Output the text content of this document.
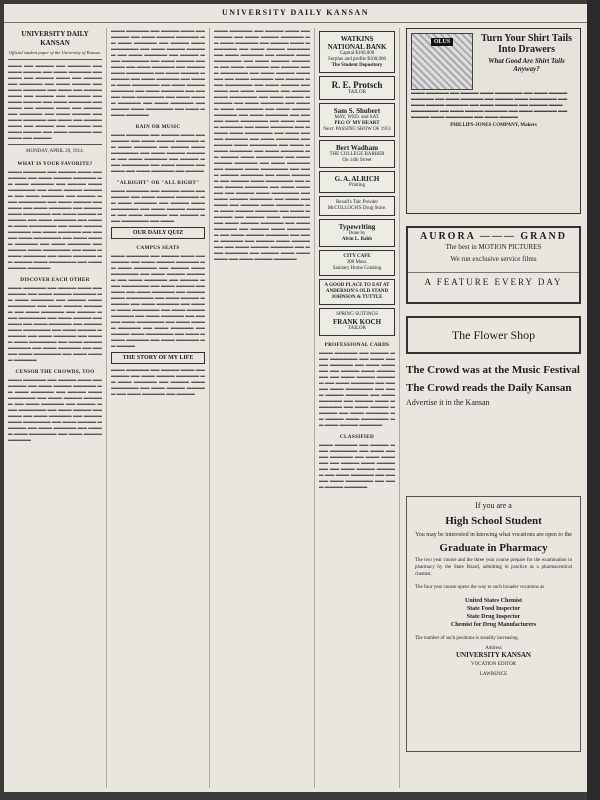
UNIVERSITY DAILY KANSAN
UNIVERSITY DAILY KANSAN
Official student paper of the University of Kansas.
▬▬▬ ▬▬ ▬▬▬▬ ▬▬ ▬▬▬▬▬ ▬▬ ▬▬▬ ▬▬▬▬ ▬▬ ▬▬▬ ▬▬▬▬▬ ▬▬ ▬▬▬ ▬▬ ▬▬▬▬ ▬▬▬ ▬▬ ▬▬▬▬ ▬▬ ▬▬▬▬▬ ▬▬ ▬▬▬ ▬▬▬▬ ▬▬ ▬▬▬ ▬▬▬▬▬ ▬▬ ▬▬▬ ▬▬ ▬▬▬▬ ▬▬▬ ▬▬ ▬▬▬▬ ▬▬ ▬▬▬▬▬ ▬▬ ▬▬▬ ▬▬▬▬ ▬▬ ▬▬▬ ▬▬▬▬▬ ▬▬ ▬▬▬ ▬▬ ▬▬▬▬ ▬▬▬ ▬▬ ▬▬▬▬ ▬▬ ▬▬▬▬▬ ▬▬ ▬▬▬ ▬▬▬▬ ▬▬ ▬▬▬ ▬▬▬▬▬ ▬▬ ▬▬▬ ▬▬ ▬▬▬▬ ▬▬▬ ▬▬ ▬▬▬▬ ▬▬ ▬▬▬▬▬ ▬▬ ▬▬▬ ▬▬▬▬ ▬▬ ▬▬▬ ▬▬▬▬▬ ▬▬ ▬▬▬ ▬▬ ▬▬▬▬
MONDAY, APRIL 20, 1914.
WHAT IS YOUR FAVORITE?
▬▬▬ ▬▬▬▬▬ ▬▬ ▬▬▬▬ ▬▬▬ ▬▬▬▬▬▬ ▬▬ ▬▬▬ ▬▬▬▬ ▬▬▬▬▬ ▬▬ ▬▬▬ ▬▬▬▬▬ ▬▬ ▬▬▬▬ ▬▬▬ ▬▬▬▬▬▬ ▬▬ ▬▬▬ ▬▬▬▬ ▬▬▬▬▬ ▬▬ ▬▬▬ ▬▬▬▬▬ ▬▬ ▬▬▬▬ ▬▬▬ ▬▬▬▬▬▬ ▬▬ ▬▬▬ ▬▬▬▬ ▬▬▬▬▬ ▬▬ ▬▬▬ ▬▬▬▬▬ ▬▬ ▬▬▬▬ ▬▬▬ ▬▬▬▬▬▬ ▬▬ ▬▬▬ ▬▬▬▬ ▬▬▬▬▬ ▬▬ ▬▬▬ ▬▬▬▬▬ ▬▬ ▬▬▬▬ ▬▬▬ ▬▬▬▬▬▬ ▬▬ ▬▬▬ ▬▬▬▬ ▬▬▬▬▬ ▬▬ ▬▬▬ ▬▬▬▬▬ ▬▬ ▬▬▬▬ ▬▬▬ ▬▬▬▬▬▬ ▬▬ ▬▬▬ ▬▬▬▬ ▬▬▬▬▬ ▬▬ ▬▬▬ ▬▬▬▬▬ ▬▬ ▬▬▬▬ ▬▬▬ ▬▬▬▬▬▬ ▬▬ ▬▬▬ ▬▬▬▬ ▬▬▬▬▬ ▬▬ ▬▬▬ ▬▬▬▬▬ ▬▬ ▬▬▬▬ ▬▬▬ ▬▬▬▬▬▬ ▬▬ ▬▬▬ ▬▬▬▬ ▬▬▬▬▬
DISCOVER EACH OTHER
▬▬▬ ▬▬▬▬▬ ▬▬ ▬▬▬▬ ▬▬▬ ▬▬▬▬▬▬ ▬▬ ▬▬▬ ▬▬▬▬ ▬▬▬▬▬ ▬▬ ▬▬▬ ▬▬▬▬▬ ▬▬ ▬▬▬▬ ▬▬▬ ▬▬▬▬▬▬ ▬▬ ▬▬▬ ▬▬▬▬ ▬▬▬▬▬ ▬▬ ▬▬▬ ▬▬▬▬▬ ▬▬ ▬▬▬▬ ▬▬▬ ▬▬▬▬▬▬ ▬▬ ▬▬▬ ▬▬▬▬ ▬▬▬▬▬ ▬▬ ▬▬▬ ▬▬▬▬▬ ▬▬ ▬▬▬▬ ▬▬▬ ▬▬▬▬▬▬ ▬▬ ▬▬▬ ▬▬▬▬ ▬▬▬▬▬ ▬▬ ▬▬▬ ▬▬▬▬▬ ▬▬ ▬▬▬▬ ▬▬▬ ▬▬▬▬▬▬ ▬▬ ▬▬▬ ▬▬▬▬ ▬▬▬▬▬ ▬▬ ▬▬▬ ▬▬▬▬▬ ▬▬ ▬▬▬▬ ▬▬▬ ▬▬▬▬▬▬ ▬▬ ▬▬▬ ▬▬▬▬ ▬▬▬▬▬
CENSOR THE CROWDS, TOO
▬▬▬ ▬▬▬▬▬ ▬▬ ▬▬▬▬ ▬▬▬ ▬▬▬▬▬▬ ▬▬ ▬▬▬ ▬▬▬▬ ▬▬▬▬▬ ▬▬ ▬▬▬ ▬▬▬▬▬ ▬▬ ▬▬▬▬ ▬▬▬ ▬▬▬▬▬▬ ▬▬ ▬▬▬ ▬▬▬▬ ▬▬▬▬▬ ▬▬ ▬▬▬ ▬▬▬▬▬ ▬▬ ▬▬▬▬ ▬▬▬ ▬▬▬▬▬▬ ▬▬ ▬▬▬ ▬▬▬▬ ▬▬▬▬▬ ▬▬ ▬▬▬ ▬▬▬▬▬ ▬▬ ▬▬▬▬ ▬▬▬ ▬▬▬▬▬▬ ▬▬ ▬▬▬ ▬▬▬▬ ▬▬▬▬▬ ▬▬ ▬▬▬ ▬▬▬▬▬ ▬▬ ▬▬▬▬ ▬▬▬ ▬▬▬▬▬▬ ▬▬ ▬▬▬ ▬▬▬▬ ▬▬▬▬▬
▬▬▬ ▬▬▬▬▬ ▬▬ ▬▬▬▬ ▬▬▬ ▬▬▬▬▬▬ ▬▬ ▬▬▬ ▬▬▬▬ ▬▬▬▬▬ ▬▬ ▬▬▬ ▬▬▬▬▬ ▬▬ ▬▬▬▬ ▬▬▬ ▬▬▬▬▬▬ ▬▬ ▬▬▬ ▬▬▬▬ ▬▬▬▬▬ ▬▬ ▬▬▬ ▬▬▬▬▬ ▬▬ ▬▬▬▬ ▬▬▬ ▬▬▬▬▬▬ ▬▬ ▬▬▬ ▬▬▬▬ ▬▬▬▬▬ ▬▬ ▬▬▬ ▬▬▬▬▬ ▬▬ ▬▬▬▬ ▬▬▬ ▬▬▬▬▬▬ ▬▬ ▬▬▬ ▬▬▬▬ ▬▬▬▬▬ ▬▬ ▬▬▬ ▬▬▬▬▬ ▬▬ ▬▬▬▬ ▬▬▬ ▬▬▬▬▬▬ ▬▬ ▬▬▬ ▬▬▬▬ ▬▬▬▬▬ ▬▬ ▬▬▬ ▬▬▬▬▬ ▬▬ ▬▬▬▬ ▬▬▬ ▬▬▬▬▬▬ ▬▬ ▬▬▬ ▬▬▬▬ ▬▬▬▬▬ ▬▬ ▬▬▬ ▬▬▬▬▬ ▬▬ ▬▬▬▬ ▬▬▬ ▬▬▬▬▬▬ ▬▬ ▬▬▬ ▬▬▬▬ ▬▬▬▬▬
RAIN OR MUSIC
▬▬▬ ▬▬▬▬▬ ▬▬ ▬▬▬▬ ▬▬▬ ▬▬▬▬▬▬ ▬▬ ▬▬▬ ▬▬▬▬ ▬▬▬▬▬ ▬▬ ▬▬▬ ▬▬▬▬▬ ▬▬ ▬▬▬▬ ▬▬▬ ▬▬▬▬▬▬ ▬▬ ▬▬▬ ▬▬▬▬ ▬▬▬▬▬ ▬▬ ▬▬▬ ▬▬▬▬▬ ▬▬ ▬▬▬▬ ▬▬▬ ▬▬▬▬▬▬ ▬▬ ▬▬▬ ▬▬▬▬ ▬▬▬▬▬ ▬▬ ▬▬▬ ▬▬▬▬▬ ▬▬ ▬▬▬▬
"ALRIGHT" OR "ALL RIGHT"
▬▬▬ ▬▬▬▬▬ ▬▬ ▬▬▬▬ ▬▬▬ ▬▬▬▬▬▬ ▬▬ ▬▬▬ ▬▬▬▬ ▬▬▬▬▬ ▬▬ ▬▬▬ ▬▬▬▬▬ ▬▬ ▬▬▬▬ ▬▬▬ ▬▬▬▬▬▬ ▬▬ ▬▬▬ ▬▬▬▬ ▬▬▬▬▬ ▬▬ ▬▬▬ ▬▬▬▬▬ ▬▬ ▬▬▬▬ ▬▬▬ ▬▬▬▬▬▬ ▬▬ ▬▬▬
OUR DAILY QUIZ
CAMPUS SEATS
▬▬▬ ▬▬▬▬▬ ▬▬ ▬▬▬▬ ▬▬▬ ▬▬▬▬▬▬ ▬▬ ▬▬▬ ▬▬▬▬ ▬▬▬▬▬ ▬▬ ▬▬▬ ▬▬▬▬▬ ▬▬ ▬▬▬▬ ▬▬▬ ▬▬▬▬▬▬ ▬▬ ▬▬▬ ▬▬▬▬ ▬▬▬▬▬ ▬▬ ▬▬▬ ▬▬▬▬▬ ▬▬ ▬▬▬▬ ▬▬▬ ▬▬▬▬▬▬ ▬▬ ▬▬▬ ▬▬▬▬ ▬▬▬▬▬ ▬▬ ▬▬▬ ▬▬▬▬▬ ▬▬ ▬▬▬▬ ▬▬▬ ▬▬▬▬▬▬ ▬▬ ▬▬▬ ▬▬▬▬ ▬▬▬▬▬ ▬▬ ▬▬▬ ▬▬▬▬▬ ▬▬ ▬▬▬▬ ▬▬▬ ▬▬▬▬▬▬ ▬▬ ▬▬▬ ▬▬▬▬ ▬▬▬▬▬ ▬▬ ▬▬▬ ▬▬▬▬▬ ▬▬ ▬▬▬▬ ▬▬▬ ▬▬▬▬▬▬ ▬▬ ▬▬▬ ▬▬▬▬ ▬▬▬▬▬ ▬▬ ▬▬▬ ▬▬▬▬▬ ▬▬ ▬▬▬▬ ▬▬▬ ▬▬▬▬▬▬ ▬▬ ▬▬▬ ▬▬▬▬ ▬▬▬▬▬ ▬▬ ▬▬▬ ▬▬▬▬▬ ▬▬ ▬▬▬▬
THE STORY OF MY LIFE
▬▬▬ ▬▬▬▬▬ ▬▬ ▬▬▬▬ ▬▬▬ ▬▬▬▬▬▬ ▬▬ ▬▬▬ ▬▬▬▬ ▬▬▬▬▬ ▬▬ ▬▬▬ ▬▬▬▬▬ ▬▬ ▬▬▬▬ ▬▬▬ ▬▬▬▬▬▬ ▬▬ ▬▬▬ ▬▬▬▬ ▬▬▬▬▬ ▬▬ ▬▬▬ ▬▬▬▬▬ ▬▬ ▬▬▬▬
▬▬▬ ▬▬▬▬▬ ▬▬ ▬▬▬▬ ▬▬▬ ▬▬▬▬▬▬ ▬▬ ▬▬▬ ▬▬▬▬ ▬▬▬▬▬ ▬▬ ▬▬▬ ▬▬▬▬▬ ▬▬ ▬▬▬▬ ▬▬▬ ▬▬▬▬▬▬ ▬▬ ▬▬▬ ▬▬▬▬ ▬▬▬▬▬ ▬▬ ▬▬▬ ▬▬▬▬▬ ▬▬ ▬▬▬▬ ▬▬▬ ▬▬▬▬▬▬ ▬▬ ▬▬▬ ▬▬▬▬ ▬▬▬▬▬ ▬▬ ▬▬▬ ▬▬▬▬▬ ▬▬ ▬▬▬▬ ▬▬▬ ▬▬▬▬▬▬ ▬▬ ▬▬▬ ▬▬▬▬ ▬▬▬▬▬ ▬▬ ▬▬▬ ▬▬▬▬▬ ▬▬ ▬▬▬▬ ▬▬▬ ▬▬▬▬▬▬ ▬▬ ▬▬▬ ▬▬▬▬ ▬▬▬▬▬ ▬▬ ▬▬▬ ▬▬▬▬▬ ▬▬ ▬▬▬▬ ▬▬▬ ▬▬▬▬▬▬ ▬▬ ▬▬▬ ▬▬▬▬ ▬▬▬▬▬ ▬▬ ▬▬▬ ▬▬▬▬▬ ▬▬ ▬▬▬▬ ▬▬▬ ▬▬▬▬▬▬ ▬▬ ▬▬▬ ▬▬▬▬ ▬▬▬▬▬ ▬▬ ▬▬▬ ▬▬▬▬▬ ▬▬ ▬▬▬▬ ▬▬▬ ▬▬▬▬▬▬ ▬▬ ▬▬▬ ▬▬▬▬ ▬▬▬▬▬ ▬▬ ▬▬▬ ▬▬▬▬▬ ▬▬ ▬▬▬▬ ▬▬▬ ▬▬▬▬▬▬ ▬▬ ▬▬▬ ▬▬▬▬ ▬▬▬▬▬ ▬▬ ▬▬▬ ▬▬▬▬▬ ▬▬ ▬▬▬▬ ▬▬▬ ▬▬▬▬▬▬ ▬▬ ▬▬▬ ▬▬▬▬ ▬▬▬▬▬ ▬▬ ▬▬▬ ▬▬▬▬▬ ▬▬ ▬▬▬▬ ▬▬▬ ▬▬▬▬▬▬ ▬▬ ▬▬▬ ▬▬▬▬ ▬▬▬▬▬ ▬▬ ▬▬▬ ▬▬▬▬▬ ▬▬ ▬▬▬▬ ▬▬▬ ▬▬▬▬▬▬ ▬▬ ▬▬▬ ▬▬▬▬ ▬▬▬▬▬ ▬▬ ▬▬▬ ▬▬▬▬▬ ▬▬ ▬▬▬▬ ▬▬▬ ▬▬▬▬▬▬ ▬▬ ▬▬▬ ▬▬▬▬ ▬▬▬▬▬ ▬▬ ▬▬▬ ▬▬▬▬▬ ▬▬ ▬▬▬▬ ▬▬▬ ▬▬▬▬▬▬ ▬▬ ▬▬▬ ▬▬▬▬ ▬▬▬▬▬ ▬▬ ▬▬▬ ▬▬▬▬▬ ▬▬ ▬▬▬▬ ▬▬▬ ▬▬▬▬▬▬ ▬▬ ▬▬▬ ▬▬▬▬ ▬▬▬▬▬ ▬▬ ▬▬▬ ▬▬▬▬▬ ▬▬ ▬▬▬▬ ▬▬▬ ▬▬▬▬▬▬ ▬▬ ▬▬▬ ▬▬▬▬ ▬▬▬▬▬ ▬▬ ▬▬▬ ▬▬▬▬▬ ▬▬ ▬▬▬▬ ▬▬▬ ▬▬▬▬▬▬ ▬▬ ▬▬▬ ▬▬▬▬ ▬▬▬▬▬ ▬▬ ▬▬▬ ▬▬▬▬▬ ▬▬ ▬▬▬▬ ▬▬▬ ▬▬▬▬▬▬ ▬▬ ▬▬▬ ▬▬▬▬ ▬▬▬▬▬ ▬▬ ▬▬▬ ▬▬▬▬▬ ▬▬ ▬▬▬▬ ▬▬▬ ▬▬▬▬▬▬ ▬▬ ▬▬▬ ▬▬▬▬ ▬▬▬▬▬
WATKINS
NATIONAL BANK
Capital $100,000
Surplus and profits $100,000
The Student Depository
R. E. Protsch
TAILOR
Sam S. Shubert
MAY, WED. and SAT.
PEG O' MY HEART
Next: PASSING SHOW OF 1913
Bert Wadham
THE COLLEGE BARBER
On 14th Street
G. A. ALRICH
Printing
Rexall's Talc Powder
McCOLLOCH'S Drug Store.
Typewriting
Done by
Alvin L. Babb
CITY CAFE
300 Mass.
Sanitary Home Cooking
A GOOD PLACE TO EAT AT
ANDERSON'S OLD STAND
JOHNSON & TUTTLE
SPRING SUITINGS
FRANK KOCH
TAILOR
PROFESSIONAL CARDS
▬▬▬ ▬▬▬▬▬ ▬▬ ▬▬▬▬ ▬▬▬ ▬▬▬▬▬▬ ▬▬ ▬▬▬ ▬▬▬▬ ▬▬▬▬▬ ▬▬ ▬▬▬ ▬▬▬▬▬ ▬▬ ▬▬▬▬ ▬▬▬ ▬▬▬▬▬▬ ▬▬ ▬▬▬ ▬▬▬▬ ▬▬▬▬▬ ▬▬ ▬▬▬ ▬▬▬▬▬ ▬▬ ▬▬▬▬ ▬▬▬ ▬▬▬▬▬▬ ▬▬ ▬▬▬ ▬▬▬▬ ▬▬▬▬▬ ▬▬ ▬▬▬ ▬▬▬▬▬ ▬▬ ▬▬▬▬ ▬▬▬ ▬▬▬▬▬▬ ▬▬ ▬▬▬ ▬▬▬▬ ▬▬▬▬▬ ▬▬ ▬▬▬ ▬▬▬▬▬ ▬▬ ▬▬▬▬ ▬▬▬ ▬▬▬▬▬▬ ▬▬ ▬▬▬ ▬▬▬▬ ▬▬▬▬▬
CLASSIFIED
▬▬▬ ▬▬▬▬▬ ▬▬ ▬▬▬▬ ▬▬▬ ▬▬▬▬▬▬ ▬▬ ▬▬▬ ▬▬▬▬ ▬▬▬▬▬ ▬▬ ▬▬▬ ▬▬▬▬▬ ▬▬ ▬▬▬▬ ▬▬▬ ▬▬▬▬▬▬ ▬▬ ▬▬▬ ▬▬▬▬ ▬▬▬▬▬ ▬▬ ▬▬▬ ▬▬▬▬▬ ▬▬ ▬▬▬▬ ▬▬▬ ▬▬▬▬▬▬ ▬▬ ▬▬▬ ▬▬▬▬ ▬▬▬▬▬
OLUS	Turn Your Shirt Tails Into Drawers
What Good Are Shirt Tails Anyway?
▬▬▬ ▬▬▬▬▬ ▬▬ ▬▬▬▬ ▬▬▬ ▬▬▬▬▬▬ ▬▬ ▬▬▬ ▬▬▬▬ ▬▬▬▬▬ ▬▬ ▬▬▬ ▬▬▬▬▬ ▬▬ ▬▬▬▬ ▬▬▬ ▬▬▬▬▬▬ ▬▬ ▬▬▬ ▬▬▬▬ ▬▬▬▬▬ ▬▬ ▬▬▬ ▬▬▬▬▬ ▬▬ ▬▬▬▬ ▬▬▬ ▬▬▬▬▬▬ ▬▬ ▬▬▬ ▬▬▬▬ ▬▬▬▬▬ ▬▬ ▬▬▬ ▬▬▬▬▬ ▬▬ ▬▬▬▬ ▬▬▬ ▬▬▬▬▬▬ ▬▬ ▬▬▬ ▬▬▬▬
PHILLIPS-JONES COMPANY, Makers
AURORA ——— GRAND
The best in MOTION PICTURES
We run exclusive service films
A FEATURE EVERY DAY
The Flower Shop
The Crowd was at the Music Festival
The Crowd reads the Daily Kansan
Advertise it in the Kansan
If you are a
High School Student
You may be interested in knowing what vocations are open to the
Graduate in Pharmacy
The two year course and the three year course prepare for the examination in pharmacy by the State Board, admitting to practice as a pharmaceutical chemist.
The four year course opens the way to such broader vocations as
United States Chemist
State Food Inspector
State Drug Inspector
Chemist for Drug Manufacturers
The number of such positions is steadily increasing.
Address
UNIVERSITY KANSAN
VOCATION EDITOR
LAWRENCE
